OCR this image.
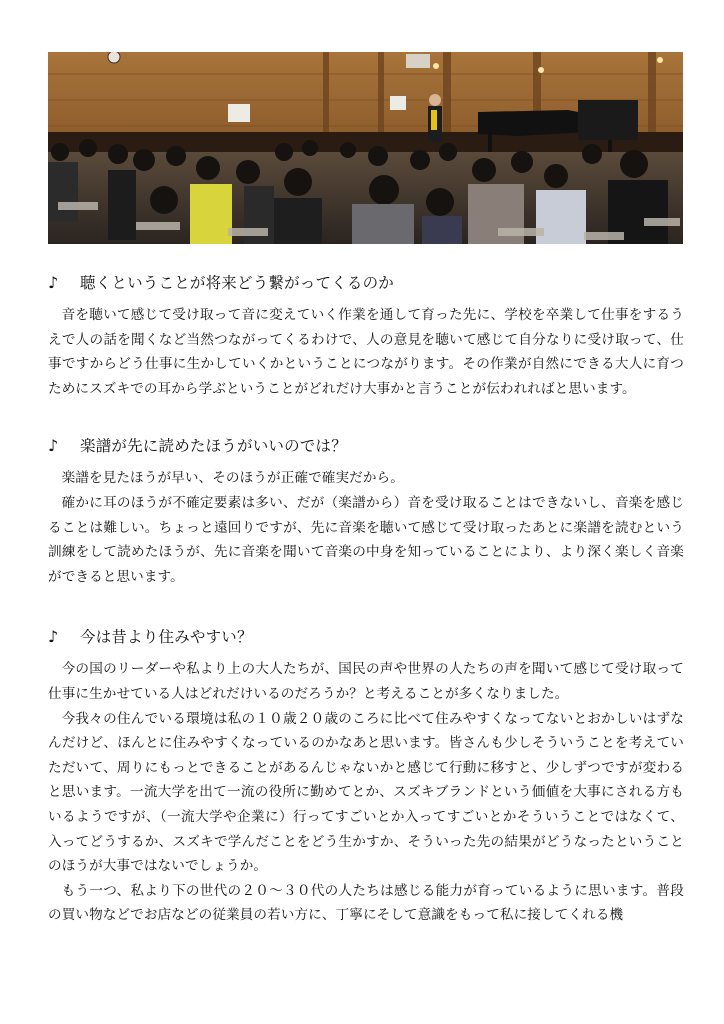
♪	聴くということが将来どう繋がってくるのか

音を聴いて感じて受け取って音に変えていく作業を通して育った先に、学校を卒業して仕事をするうえで人の話を聞くなど当然つながってくるわけで、人の意見を聴いて感じて自分なりに受け取って、仕事ですからどう仕事に生かしていくかということにつながります。その作業が自然にできる大人に育つためにスズキでの耳から学ぶということがどれだけ大事かと言うことが伝われればと思います。

♪	楽譜が先に読めたほうがいいのでは？

楽譜を見たほうが早い、そのほうが正確で確実だから。

確かに耳のほうが不確定要素は多い、だが（楽譜から）音を受け取ることはできないし、音楽を感じることは難しい。ちょっと遠回りですが、先に音楽を聴いて感じて受け取ったあとに楽譜を読むという訓練をして読めたほうが、先に音楽を聞いて音楽の中身を知っていることにより、より深く楽しく音楽ができると思います。

♪	今は昔より住みやすい？

今の国のリーダーや私より上の大人たちが、国民の声や世界の人たちの声を聞いて感じて受け取って仕事に生かせている人はどれだけいるのだろうか？と考えることが多くなりました。

今我々の住んでいる環境は私の１０歳２０歳のころに比べて住みやすくなってないとおかしいはずなんだけど、ほんとに住みやすくなっているのかなあと思います。皆さんも少しそういうことを考えていただいて、周りにもっとできることがあるんじゃないかと感じて行動に移すと、少しずつですが変わると思います。一流大学を出て一流の役所に勤めてとか、スズキブランドという価値を大事にされる方もいるようですが、（一流大学や企業に）行ってすごいとか入ってすごいとかそういうことではなくて、入ってどうするか、スズキで学んだことをどう生かすか、そういった先の結果がどうなったということのほうが大事ではないでしょうか。

もう一つ、私より下の世代の２０～３０代の人たちは感じる能力が育っているように思います。普段の買い物などでお店などの従業員の若い方に、丁寧にそして意識をもって私に接してくれる機
